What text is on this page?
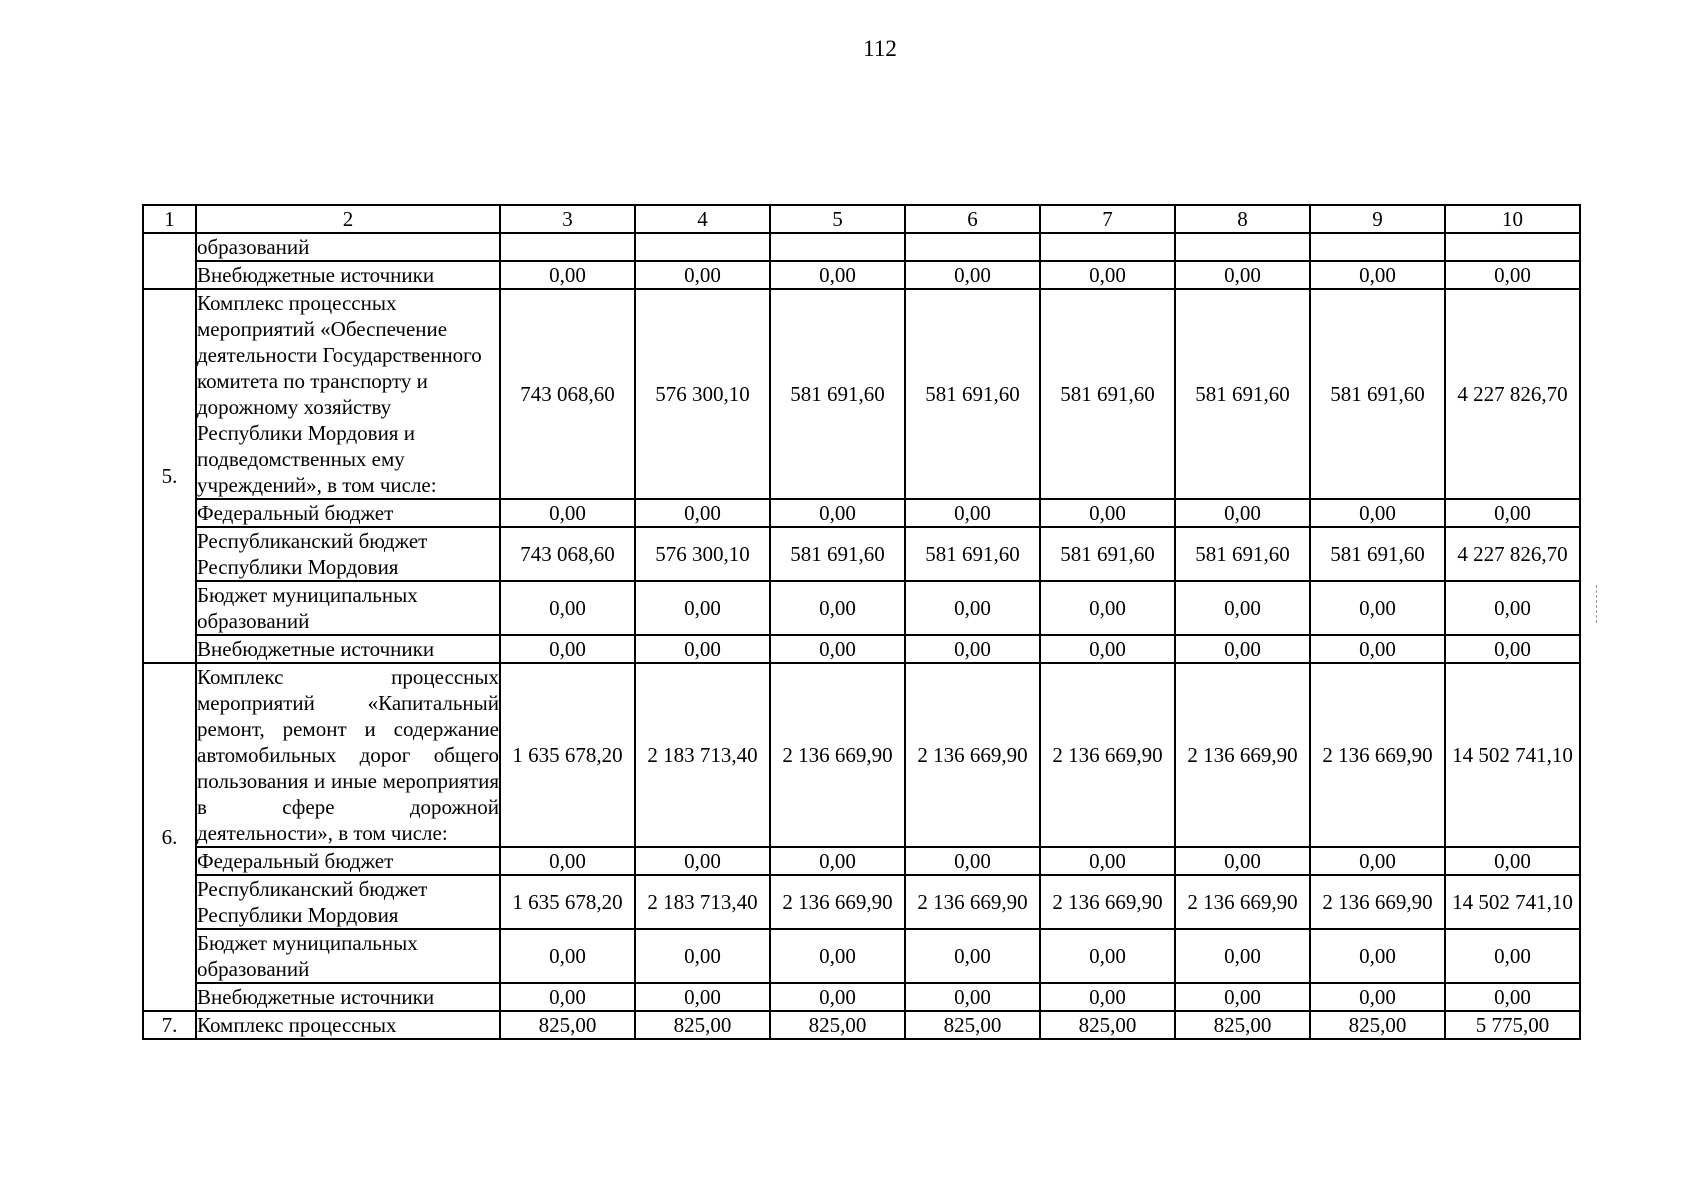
112
1	2	3	4	5	6	7	8	9	10
	образований								
	Внебюджетные источники	0,00	0,00	0,00	0,00	0,00	0,00	0,00	0,00
5.	Комплекс процессных мероприятий «Обеспечение деятельности Государственного комитета по транспорту и дорожному хозяйству Республики Мордовия и подведомственных ему учреждений», в том числе:	743 068,60	576 300,10	581 691,60	581 691,60	581 691,60	581 691,60	581 691,60	4 227 826,70
	Федеральный бюджет	0,00	0,00	0,00	0,00	0,00	0,00	0,00	0,00
	Республиканский бюджет Республики Мордовия	743 068,60	576 300,10	581 691,60	581 691,60	581 691,60	581 691,60	581 691,60	4 227 826,70
	Бюджет муниципальных образований	0,00	0,00	0,00	0,00	0,00	0,00	0,00	0,00
	Внебюджетные источники	0,00	0,00	0,00	0,00	0,00	0,00	0,00	0,00
6.	Комплекс процессных мероприятий «Капитальный ремонт, ремонт и содержание автомобильных дорог общего пользования и иные мероприятия в сфере дорожной деятельности», в том числе:	1 635 678,20	2 183 713,40	2 136 669,90	2 136 669,90	2 136 669,90	2 136 669,90	2 136 669,90	14 502 741,10
	Федеральный бюджет	0,00	0,00	0,00	0,00	0,00	0,00	0,00	0,00
	Республиканский бюджет Республики Мордовия	1 635 678,20	2 183 713,40	2 136 669,90	2 136 669,90	2 136 669,90	2 136 669,90	2 136 669,90	14 502 741,10
	Бюджет муниципальных образований	0,00	0,00	0,00	0,00	0,00	0,00	0,00	0,00
	Внебюджетные источники	0,00	0,00	0,00	0,00	0,00	0,00	0,00	0,00
7.	Комплекс процессных	825,00	825,00	825,00	825,00	825,00	825,00	825,00	5 775,00
